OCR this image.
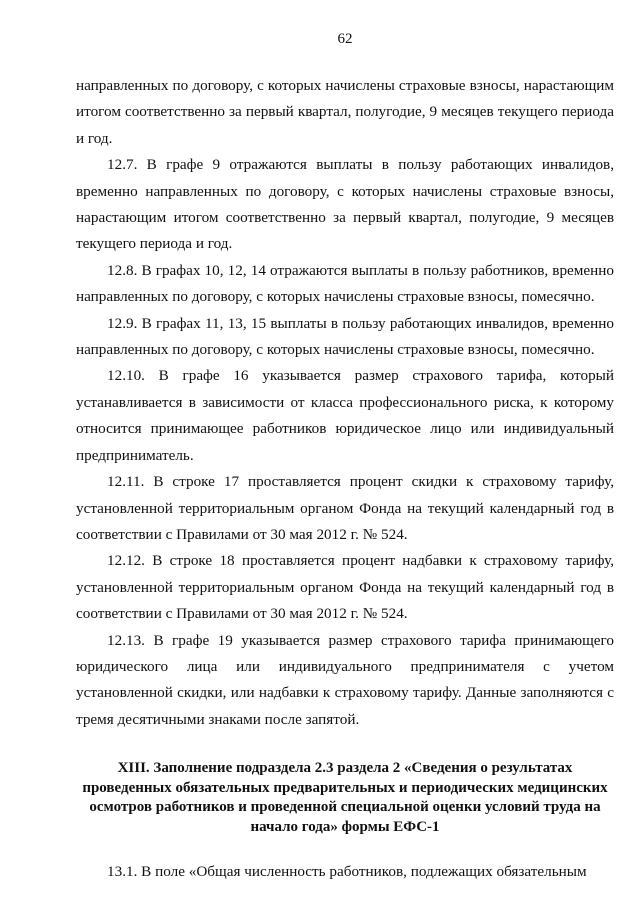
62

направленных по договору, с которых начислены страховые взносы, нарастающим итогом соответственно за первый квартал, полугодие, 9 месяцев текущего периода и год.

12.7. В графе 9 отражаются выплаты в пользу работающих инвалидов, временно направленных по договору, с которых начислены страховые взносы, нарастающим итогом соответственно за первый квартал, полугодие, 9 месяцев текущего периода и год.

12.8. В графах 10, 12, 14 отражаются выплаты в пользу работников, временно направленных по договору, с которых начислены страховые взносы, помесячно.

12.9. В графах 11, 13, 15 выплаты в пользу работающих инвалидов, временно направленных по договору, с которых начислены страховые взносы, помесячно.

12.10. В графе 16 указывается размер страхового тарифа, который устанавливается в зависимости от класса профессионального риска, к которому относится принимающее работников юридическое лицо или индивидуальный предприниматель.

12.11. В строке 17 проставляется процент скидки к страховому тарифу, установленной территориальным органом Фонда на текущий календарный год в соответствии с Правилами от 30 мая 2012 г. № 524.

12.12. В строке 18 проставляется процент надбавки к страховому тарифу, установленной территориальным органом Фонда на текущий календарный год в соответствии с Правилами от 30 мая 2012 г. № 524.

12.13. В графе 19 указывается размер страхового тарифа принимающего юридического лица или индивидуального предпринимателя с учетом установленной скидки, или надбавки к страховому тарифу. Данные заполняются с тремя десятичными знаками после запятой.

XIII. Заполнение подраздела 2.3 раздела 2 «Сведения о результатах
проведенных обязательных предварительных и периодических медицинских
осмотров работников и проведенной специальной оценки условий труда на
начало года» формы ЕФС-1

13.1. В поле «Общая численность работников, подлежащих обязательным
